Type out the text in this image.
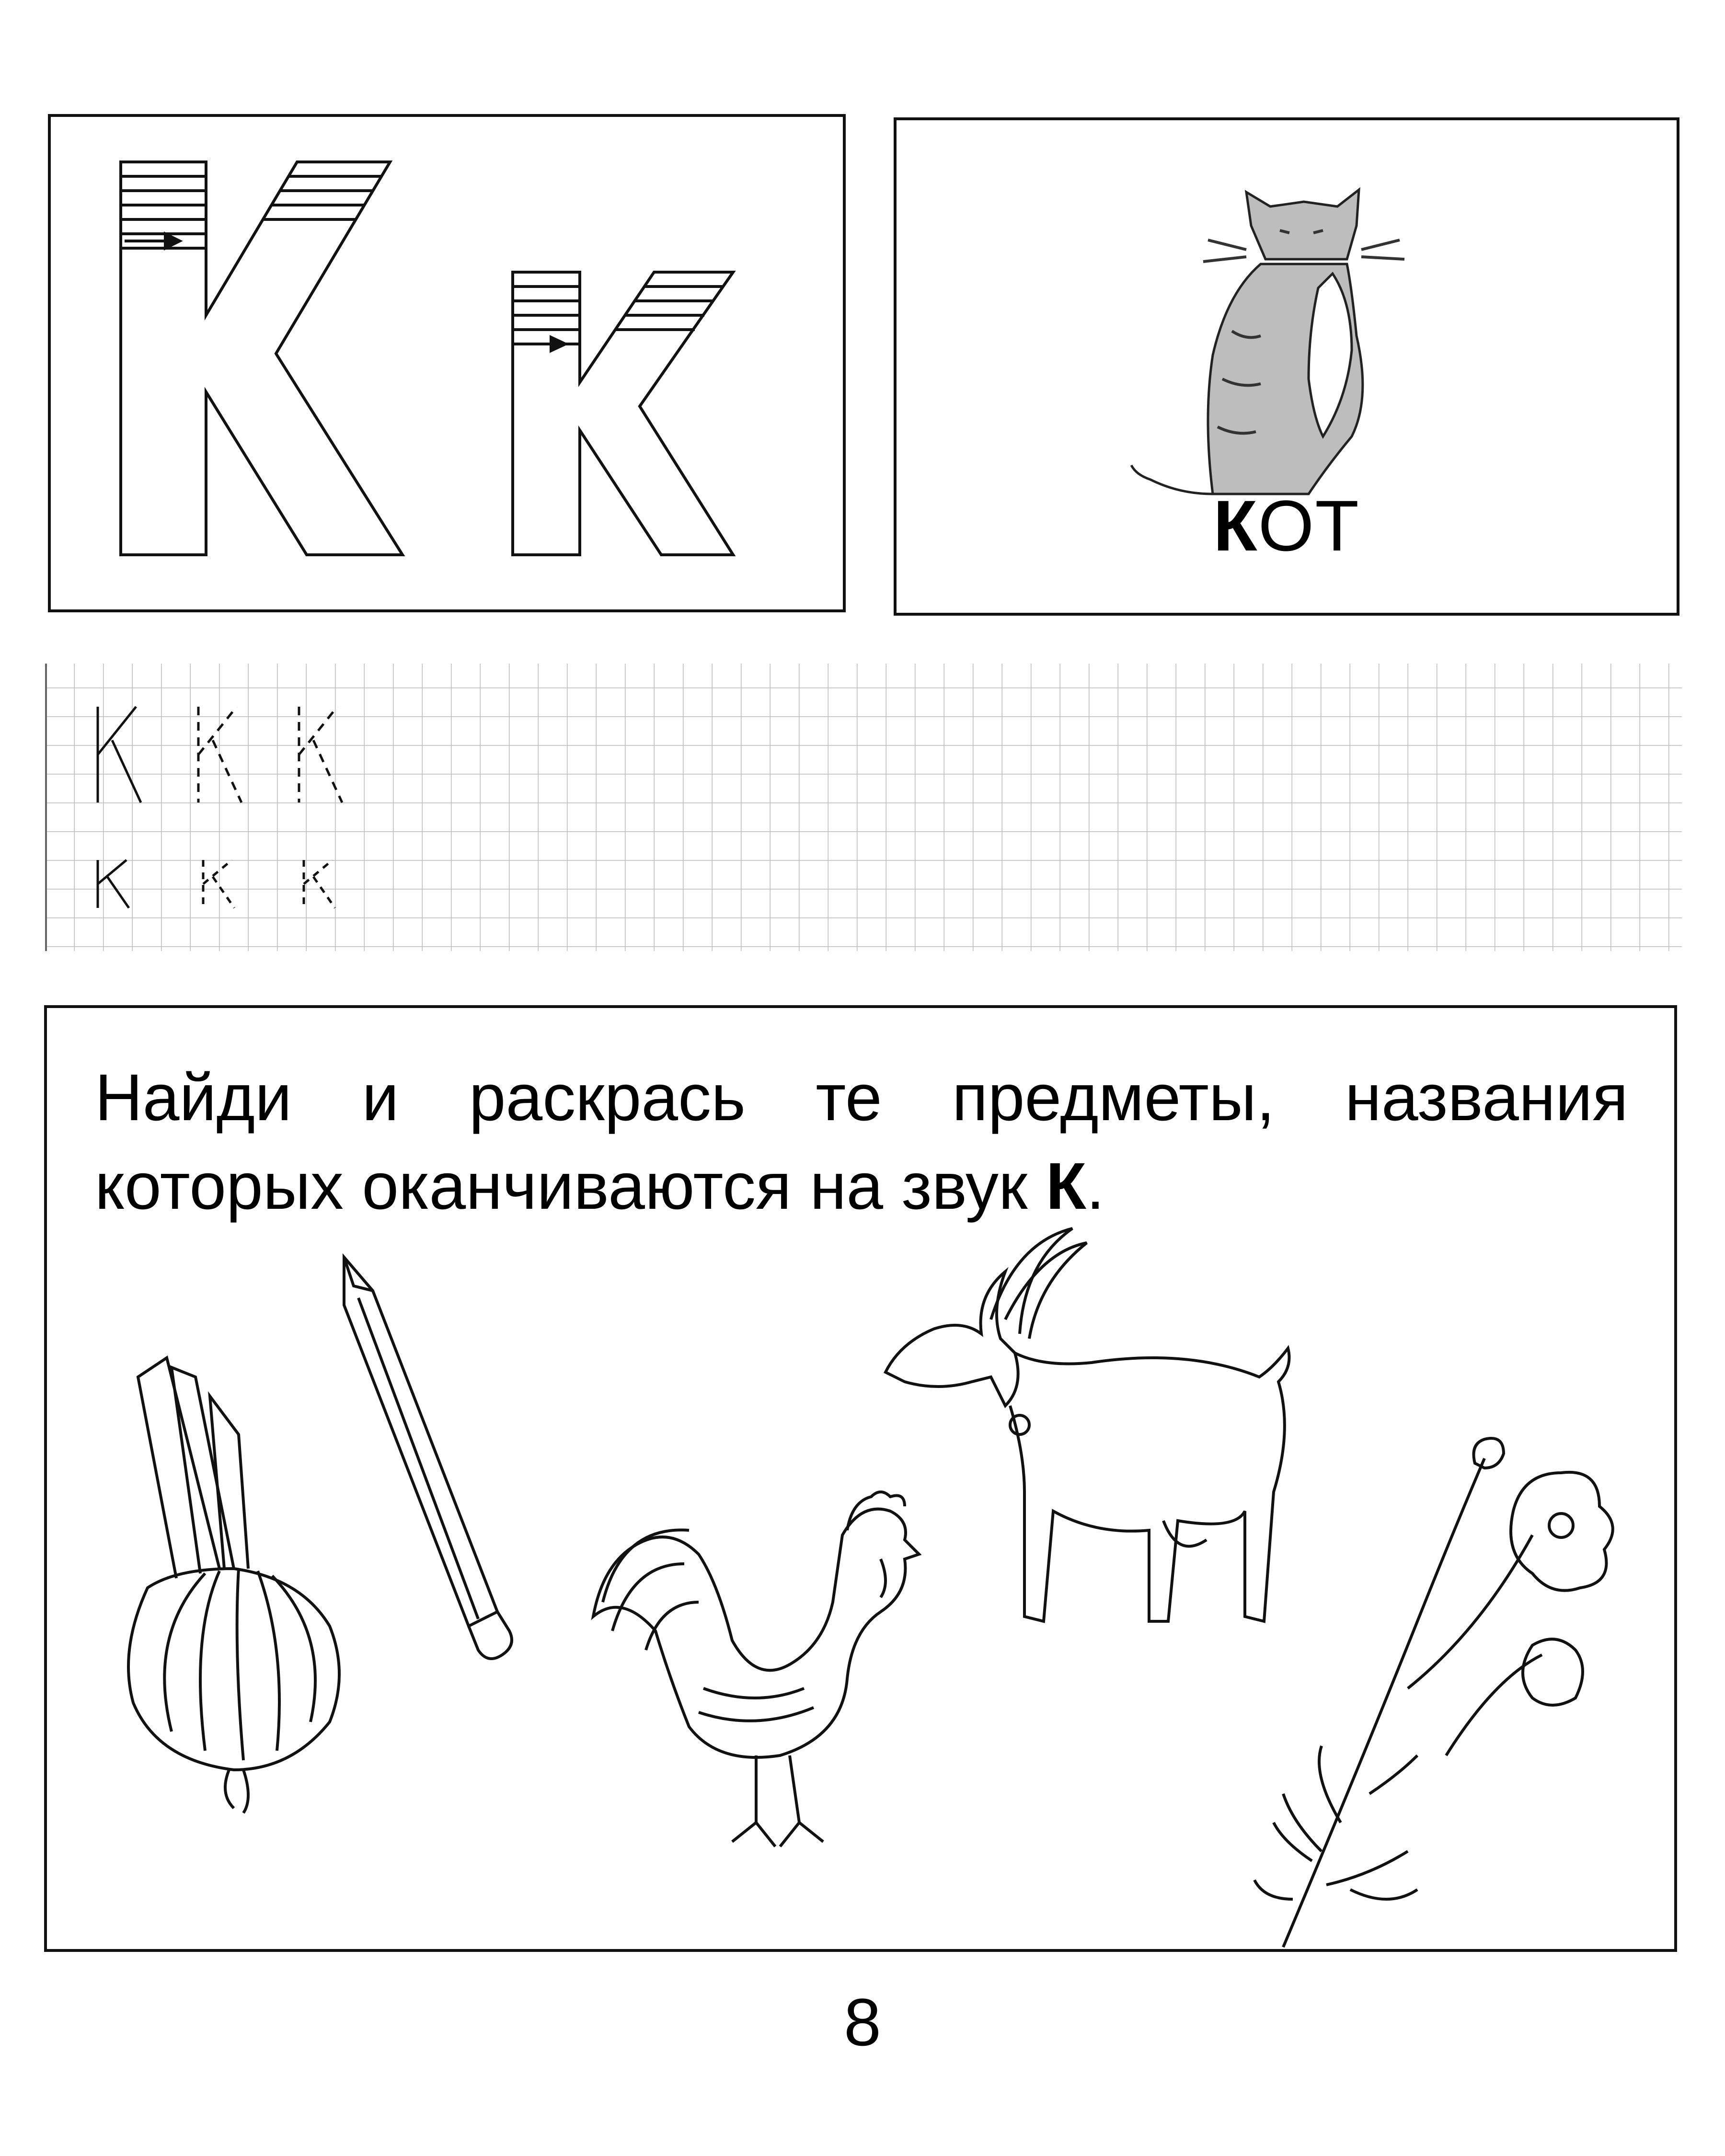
КОТ
Найди и раскрась те предметы, названия
которых оканчиваются на звук К.
8
